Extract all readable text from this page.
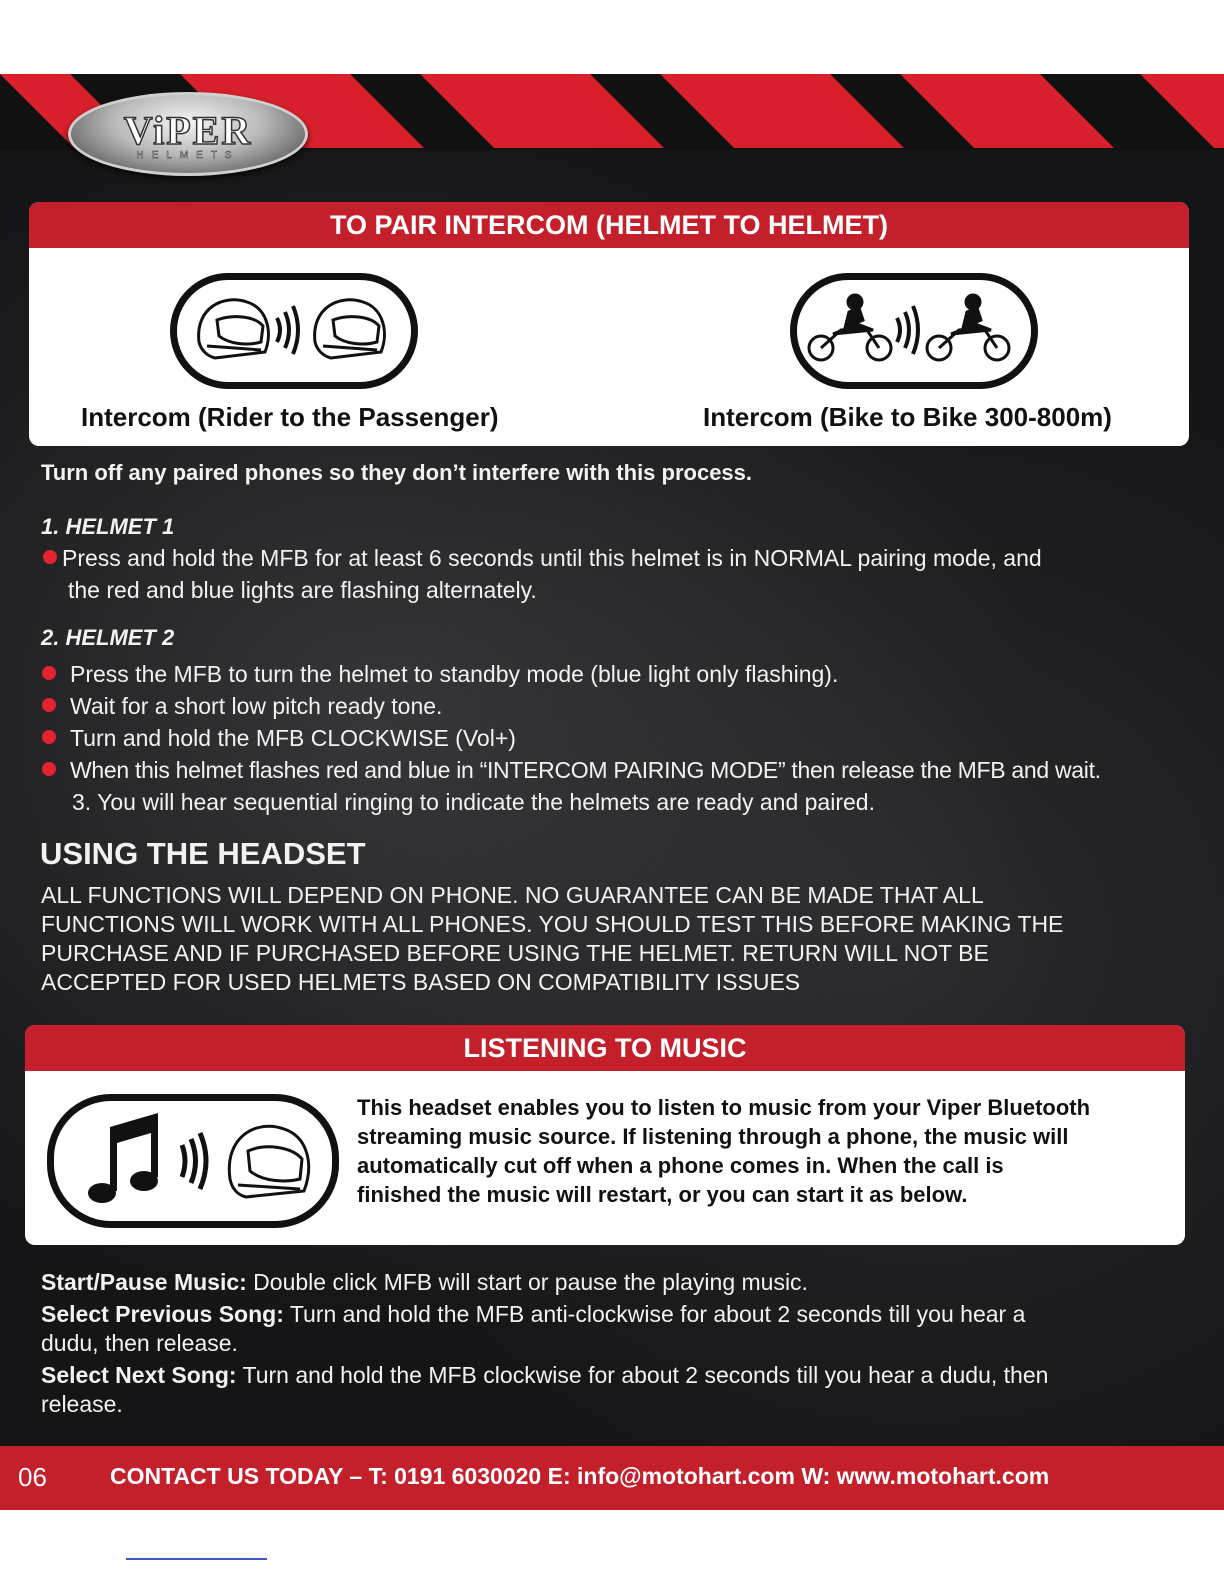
ViPER
HELMETS
TO PAIR INTERCOM (HELMET TO HELMET)
Intercom (Rider to the Passenger)	Intercom (Bike to Bike 300-800m)
Turn off any paired phones so they don’t interfere with this process.
1. HELMET 1
Press and hold the MFB for at least 6 seconds until this helmet is in NORMAL pairing mode, and
the red and blue lights are flashing alternately.
2. HELMET 2
Press the MFB to turn the helmet to standby mode (blue light only flashing).
Wait for a short low pitch ready tone.
Turn and hold the MFB CLOCKWISE (Vol+)
When this helmet flashes red and blue in “INTERCOM PAIRING MODE” then release the MFB and wait.
3. You will hear sequential ringing to indicate the helmets are ready and paired.
USING THE HEADSET
ALL FUNCTIONS WILL DEPEND ON PHONE. NO GUARANTEE CAN BE MADE THAT ALL
FUNCTIONS WILL WORK WITH ALL PHONES. YOU SHOULD TEST THIS BEFORE MAKING THE
PURCHASE AND IF PURCHASED BEFORE USING THE HELMET. RETURN WILL NOT BE
ACCEPTED FOR USED HELMETS BASED ON COMPATIBILITY ISSUES
LISTENING TO MUSIC
This headset enables you to listen to music from your Viper Bluetooth
streaming music source. If listening through a phone, the music will
automatically cut off when a phone comes in. When the call is
finished the music will restart, or you can start it as below.
Start/Pause Music: Double click MFB will start or pause the playing music.
Select Previous Song: Turn and hold the MFB anti-clockwise for about 2 seconds till you hear a
dudu, then release.
Select Next Song: Turn and hold the MFB clockwise for about 2 seconds till you hear a dudu, then
release.
06	CONTACT US TODAY – T: 0191 6030020 E: info@motohart.com W: www.motohart.com
